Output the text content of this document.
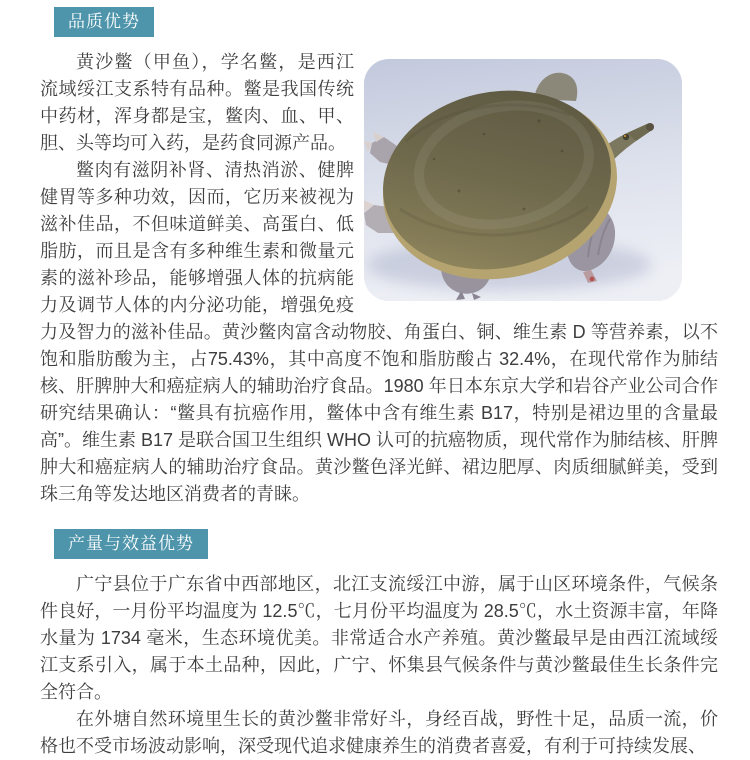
品质优势

黄沙鳖（甲鱼），学名鳖，是西江流域绥江支系特有品种。鳖是我国传统中药材，浑身都是宝，鳖肉、血、甲、胆、头等均可入药，是药食同源产品。

鳖肉有滋阴补肾、清热消淤、健脾健胃等多种功效，因而，它历来被视为滋补佳品，不但味道鲜美、高蛋白、低脂肪，而且是含有多种维生素和微量元素的滋补珍品，能够增强人体的抗病能力及调节人体的内分泌功能，增强免疫力及智力的滋补佳品。黄沙鳖肉富含动物胶、角蛋白、铜、维生素 D 等营养素，以不饱和脂肪酸为主，占75.43%，其中高度不饱和脂肪酸占 32.4%，在现代常作为肺结核、肝脾肿大和癌症病人的辅助治疗食品。1980 年日本东京大学和岩谷产业公司合作研究结果确认：“鳖具有抗癌作用，鳖体中含有维生素 B17，特别是裙边里的含量最高”。维生素 B17 是联合国卫生组织 WHO 认可的抗癌物质，现代常作为肺结核、肝脾肿大和癌症病人的辅助治疗食品。黄沙鳖色泽光鲜、裙边肥厚、肉质细腻鲜美，受到珠三角等发达地区消费者的青睐。

产量与效益优势

广宁县位于广东省中西部地区，北江支流绥江中游，属于山区环境条件，气候条件良好，一月份平均温度为 12.5℃，七月份平均温度为 28.5℃，水土资源丰富，年降水量为 1734 毫米，生态环境优美。非常适合水产养殖。黄沙鳖最早是由西江流域绥江支系引入，属于本土品种，因此，广宁、怀集县气候条件与黄沙鳖最佳生长条件完全符合。

在外塘自然环境里生长的黄沙鳖非常好斗，身经百战，野性十足，品质一流，价格也不受市场波动影响，深受现代追求健康养生的消费者喜爱，有利于可持续发展、
